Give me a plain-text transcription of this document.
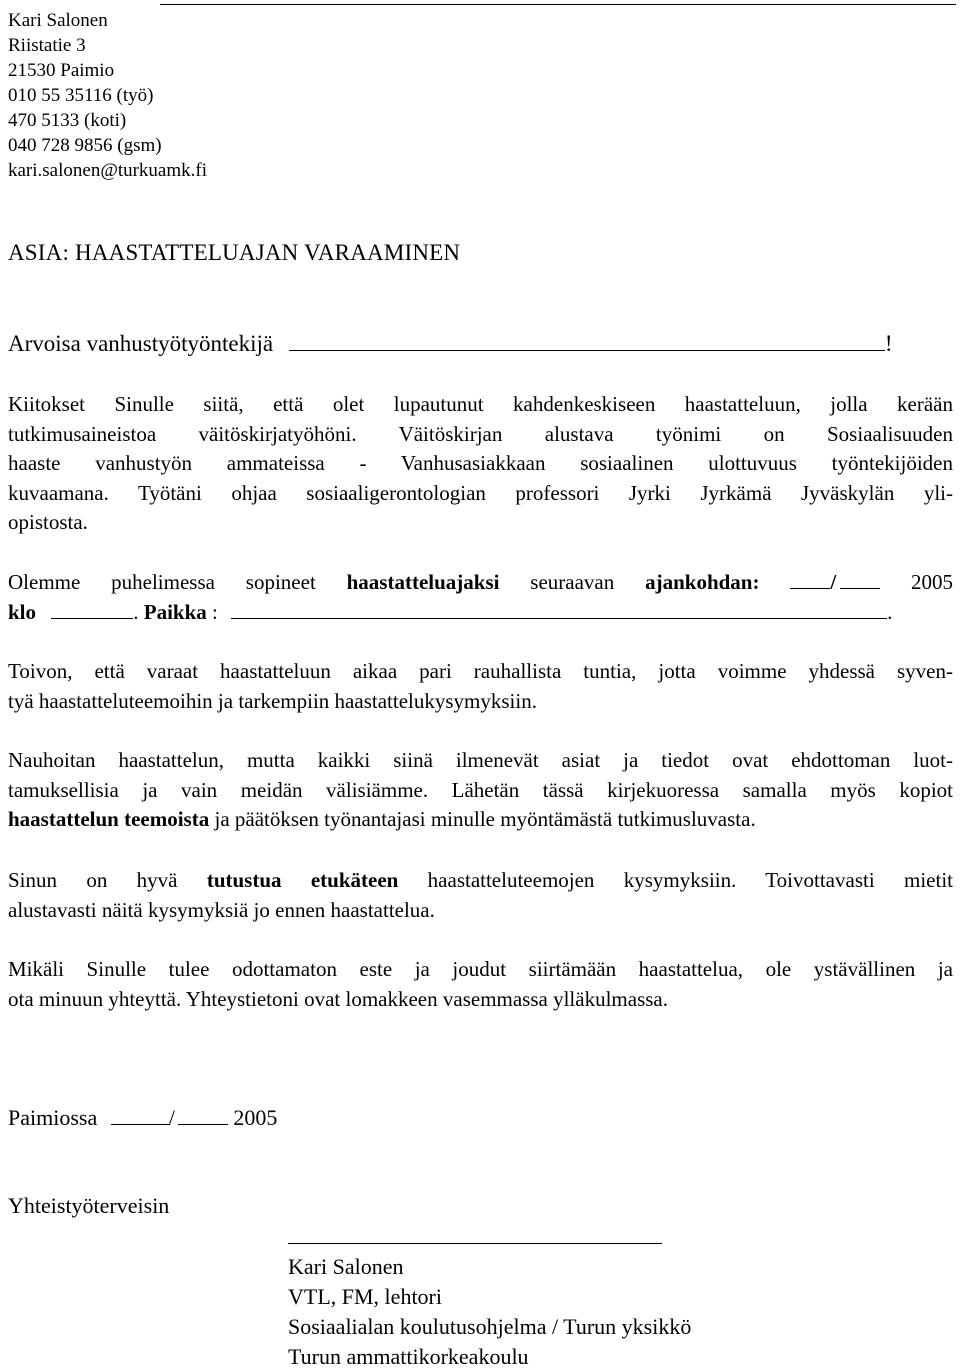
Kari Salonen
Riistatie 3
21530 Paimio
010 55 35116 (työ)
470 5133 (koti)
040 728 9856 (gsm)
kari.salonen@turkuamk.fi
ASIA: HAASTATTELUAJAN VARAAMINEN
Arvoisa vanhustyötyöntekijä	!
Kiitokset Sinulle siitä, että olet lupautunut kahdenkeskiseen haastatteluun, jolla kerään
tutkimusaineistoa väitöskirjatyöhöni. Väitöskirjan alustava työnimi on Sosiaalisuuden
haaste vanhustyön ammateissa - Vanhusasiakkaan sosiaalinen ulottuvuus työntekijöiden
kuvaamana. Työtäni ohjaa sosiaaligerontologian professori Jyrki Jyrkämä Jyväskylän yli-
opistosta.
Olemme puhelimessa sopineet haastatteluajaksi seuraavan ajankohdan:	/	2005
klo	. Paikka :	.
Toivon, että varaat haastatteluun aikaa pari rauhallista tuntia, jotta voimme yhdessä syven-
tyä haastatteluteemoihin ja tarkempiin haastattelukysymyksiin.
Nauhoitan haastattelun, mutta kaikki siinä ilmenevät asiat ja tiedot ovat ehdottoman luot-
tamuksellisia ja vain meidän välisiämme. Lähetän tässä kirjekuoressa samalla myös kopiot
haastattelun teemoista ja päätöksen työnantajasi minulle myöntämästä tutkimusluvasta.
Sinun on hyvä tutustua etukäteen haastatteluteemojen kysymyksiin. Toivottavasti mietit
alustavasti näitä kysymyksiä jo ennen haastattelua.
Mikäli Sinulle tulee odottamaton este ja joudut siirtämään haastattelua, ole ystävällinen ja
ota minuun yhteyttä. Yhteystietoni ovat lomakkeen vasemmassa ylläkulmassa.
Paimiossa	/	2005
Yhteistyöterveisin
Kari Salonen
VTL, FM, lehtori
Sosiaalialan koulutusohjelma / Turun yksikkö
Turun ammattikorkeakoulu
